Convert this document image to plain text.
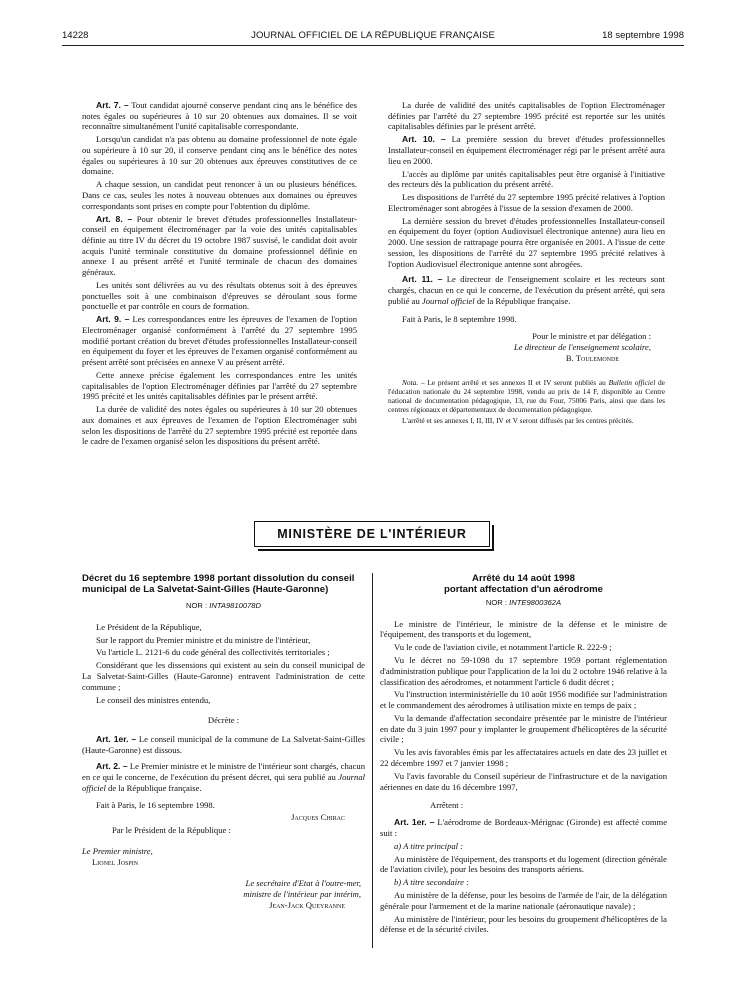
14228	JOURNAL OFFICIEL DE LA RÉPUBLIQUE FRANÇAISE	18 septembre 1998

Art. 7. – Tout candidat ajourné conserve pendant cinq ans le bénéfice des notes égales ou supérieures à 10 sur 20 obtenues aux domaines. Il se voit reconnaître simultanément l'unité capitalisable correspondante.

Lorsqu'un candidat n'a pas obtenu au domaine professionnel de note égale ou supérieure à 10 sur 20, il conserve pendant cinq ans le bénéfice des notes égales ou supérieures à 10 sur 20 obtenues aux épreuves constitutives de ce domaine.

A chaque session, un candidat peut renoncer à un ou plusieurs bénéfices. Dans ce cas, seules les notes à nouveau obtenues aux domaines ou épreuves correspondants sont prises en compte pour l'obtention du diplôme.

Art. 8. – Pour obtenir le brevet d'études professionnelles Installateur-conseil en équipement électroménager par la voie des unités capitalisables définie au titre IV du décret du 19 octobre 1987 susvisé, le candidat doit avoir acquis l'unité terminale constitutive du domaine professionnel définie en annexe I au présent arrêté et l'unité terminale de chacun des domaines généraux.

Les unités sont délivrées au vu des résultats obtenus soit à des épreuves ponctuelles soit à une combinaison d'épreuves se déroulant sous forme ponctuelle et par contrôle en cours de formation.

Art. 9. – Les correspondances entre les épreuves de l'examen de l'option Electroménager organisé conformément à l'arrêté du 27 septembre 1995 modifié portant création du brevet d'études professionnelles Installateur-conseil en équipement du foyer et les épreuves de l'examen organisé conformément au présent arrêté sont précisées en annexe V au présent arrêté.

Cette annexe précise également les correspondances entre les unités capitalisables de l'option Electroménager définies par l'arrêté du 27 septembre 1995 précité et les unités capitalisables définies par le présent arrêté.

La durée de validité des notes égales ou supérieures à 10 sur 20 obtenues aux domaines et aux épreuves de l'examen de l'option Electroménager subi selon les dispositions de l'arrêté du 27 septembre 1995 précité est reportée dans le cadre de l'examen organisé selon les dispositions du présent arrêté.

La durée de validité des unités capitalisables de l'option Electroménager définies par l'arrêté du 27 septembre 1995 précité est reportée sur les unités capitalisables définies par le présent arrêté.

Art. 10. – La première session du brevet d'études professionnelles Installateur-conseil en équipement électroménager régi par le présent arrêté aura lieu en 2000.

L'accès au diplôme par unités capitalisables peut être organisé à l'initiative des recteurs dès la publication du présent arrêté.

Les dispositions de l'arrêté du 27 septembre 1995 précité relatives à l'option Electroménager sont abrogées à l'issue de la session d'examen de 2000.

La dernière session du brevet d'études professionnelles Installateur-conseil en équipement du foyer (option Audiovisuel électronique antenne) aura lieu en 2000. Une session de rattrapage pourra être organisée en 2001. A l'issue de cette session, les dispositions de l'arrêté du 27 septembre 1995 précité relatives à l'option Audiovisuel électronique antenne sont abrogées.

Art. 11. – Le directeur de l'enseignement scolaire et les recteurs sont chargés, chacun en ce qui le concerne, de l'exécution du présent arrêté, qui sera publié au Journal officiel de la République française.

Fait à Paris, le 8 septembre 1998.

Pour le ministre et par délégation :
Le directeur de l'enseignement scolaire,
B. Toulemonde

Nota. – Le présent arrêté et ses annexes II et IV seront publiés au Bulletin officiel de l'éducation nationale du 24 septembre 1998, vendu au prix de 14 F, disponible au Centre national de documentation pédagogique, 13, rue du Four, 75006 Paris, ainsi que dans les centres régionaux et départementaux de documentation pédagogique.

L'arrêté et ses annexes I, II, III, IV et V seront diffusés par les centres précités.

MINISTÈRE DE L'INTÉRIEUR
Décret du 16 septembre 1998 portant dissolution du conseil municipal de La Salvetat-Saint-Gilles (Haute-Garonne)
NOR : INTA9810078D

Le Président de la République,

Sur le rapport du Premier ministre et du ministre de l'intérieur,

Vu l'article L. 2121-6 du code général des collectivités territoriales ;

Considérant que les dissensions qui existent au sein du conseil municipal de La Salvetat-Saint-Gilles (Haute-Garonne) entravent l'administration de cette commune ;

Le conseil des ministres entendu,

Décrète :

Art. 1er. – Le conseil municipal de la commune de La Salvetat-Saint-Gilles (Haute-Garonne) est dissous.

Art. 2. – Le Premier ministre et le ministre de l'intérieur sont chargés, chacun en ce qui le concerne, de l'exécution du présent décret, qui sera publié au Journal officiel de la République française.

Fait à Paris, le 16 septembre 1998.

Jacques Chirac
Par le Président de la République :
Le Premier ministre,
Lionel Jospin
Le secrétaire d'Etat à l'outre-mer,
ministre de l'intérieur par intérim,
Jean-Jack Queyranne
Arrêté du 14 août 1998
portant affectation d'un aérodrome
NOR : INTE9800362A

Le ministre de l'intérieur, le ministre de la défense et le ministre de l'équipement, des transports et du logement,

Vu le code de l'aviation civile, et notamment l'article R. 222-9 ;

Vu le décret no 59-1098 du 17 septembre 1959 portant réglementation d'administration publique pour l'application de la loi du 2 octobre 1946 relative à la classification des aérodromes, et notamment l'article 6 dudit décret ;

Vu l'instruction interministérielle du 10 août 1956 modifiée sur l'administration et le commandement des aérodromes à utilisation mixte en temps de paix ;

Vu la demande d'affectation secondaire présentée par le ministre de l'intérieur en date du 3 juin 1997 pour y implanter le groupement d'hélicoptères de la sécurité civile ;

Vu les avis favorables émis par les affectataires actuels en date des 23 juillet et 22 décembre 1997 et 7 janvier 1998 ;

Vu l'avis favorable du Conseil supérieur de l'infrastructure et de la navigation aériennes en date du 16 décembre 1997,

Arrêtent :

Art. 1er. – L'aérodrome de Bordeaux-Mérignac (Gironde) est affecté comme suit :

a) A titre principal :

Au ministère de l'équipement, des transports et du logement (direction générale de l'aviation civile), pour les besoins des transports aériens.

b) A titre secondaire :

Au ministère de la défense, pour les besoins de l'armée de l'air, de la délégation générale pour l'armement et de la marine nationale (aéronautique navale) ;

Au ministère de l'intérieur, pour les besoins du groupement d'hélicoptères de la défense et de la sécurité civiles.
